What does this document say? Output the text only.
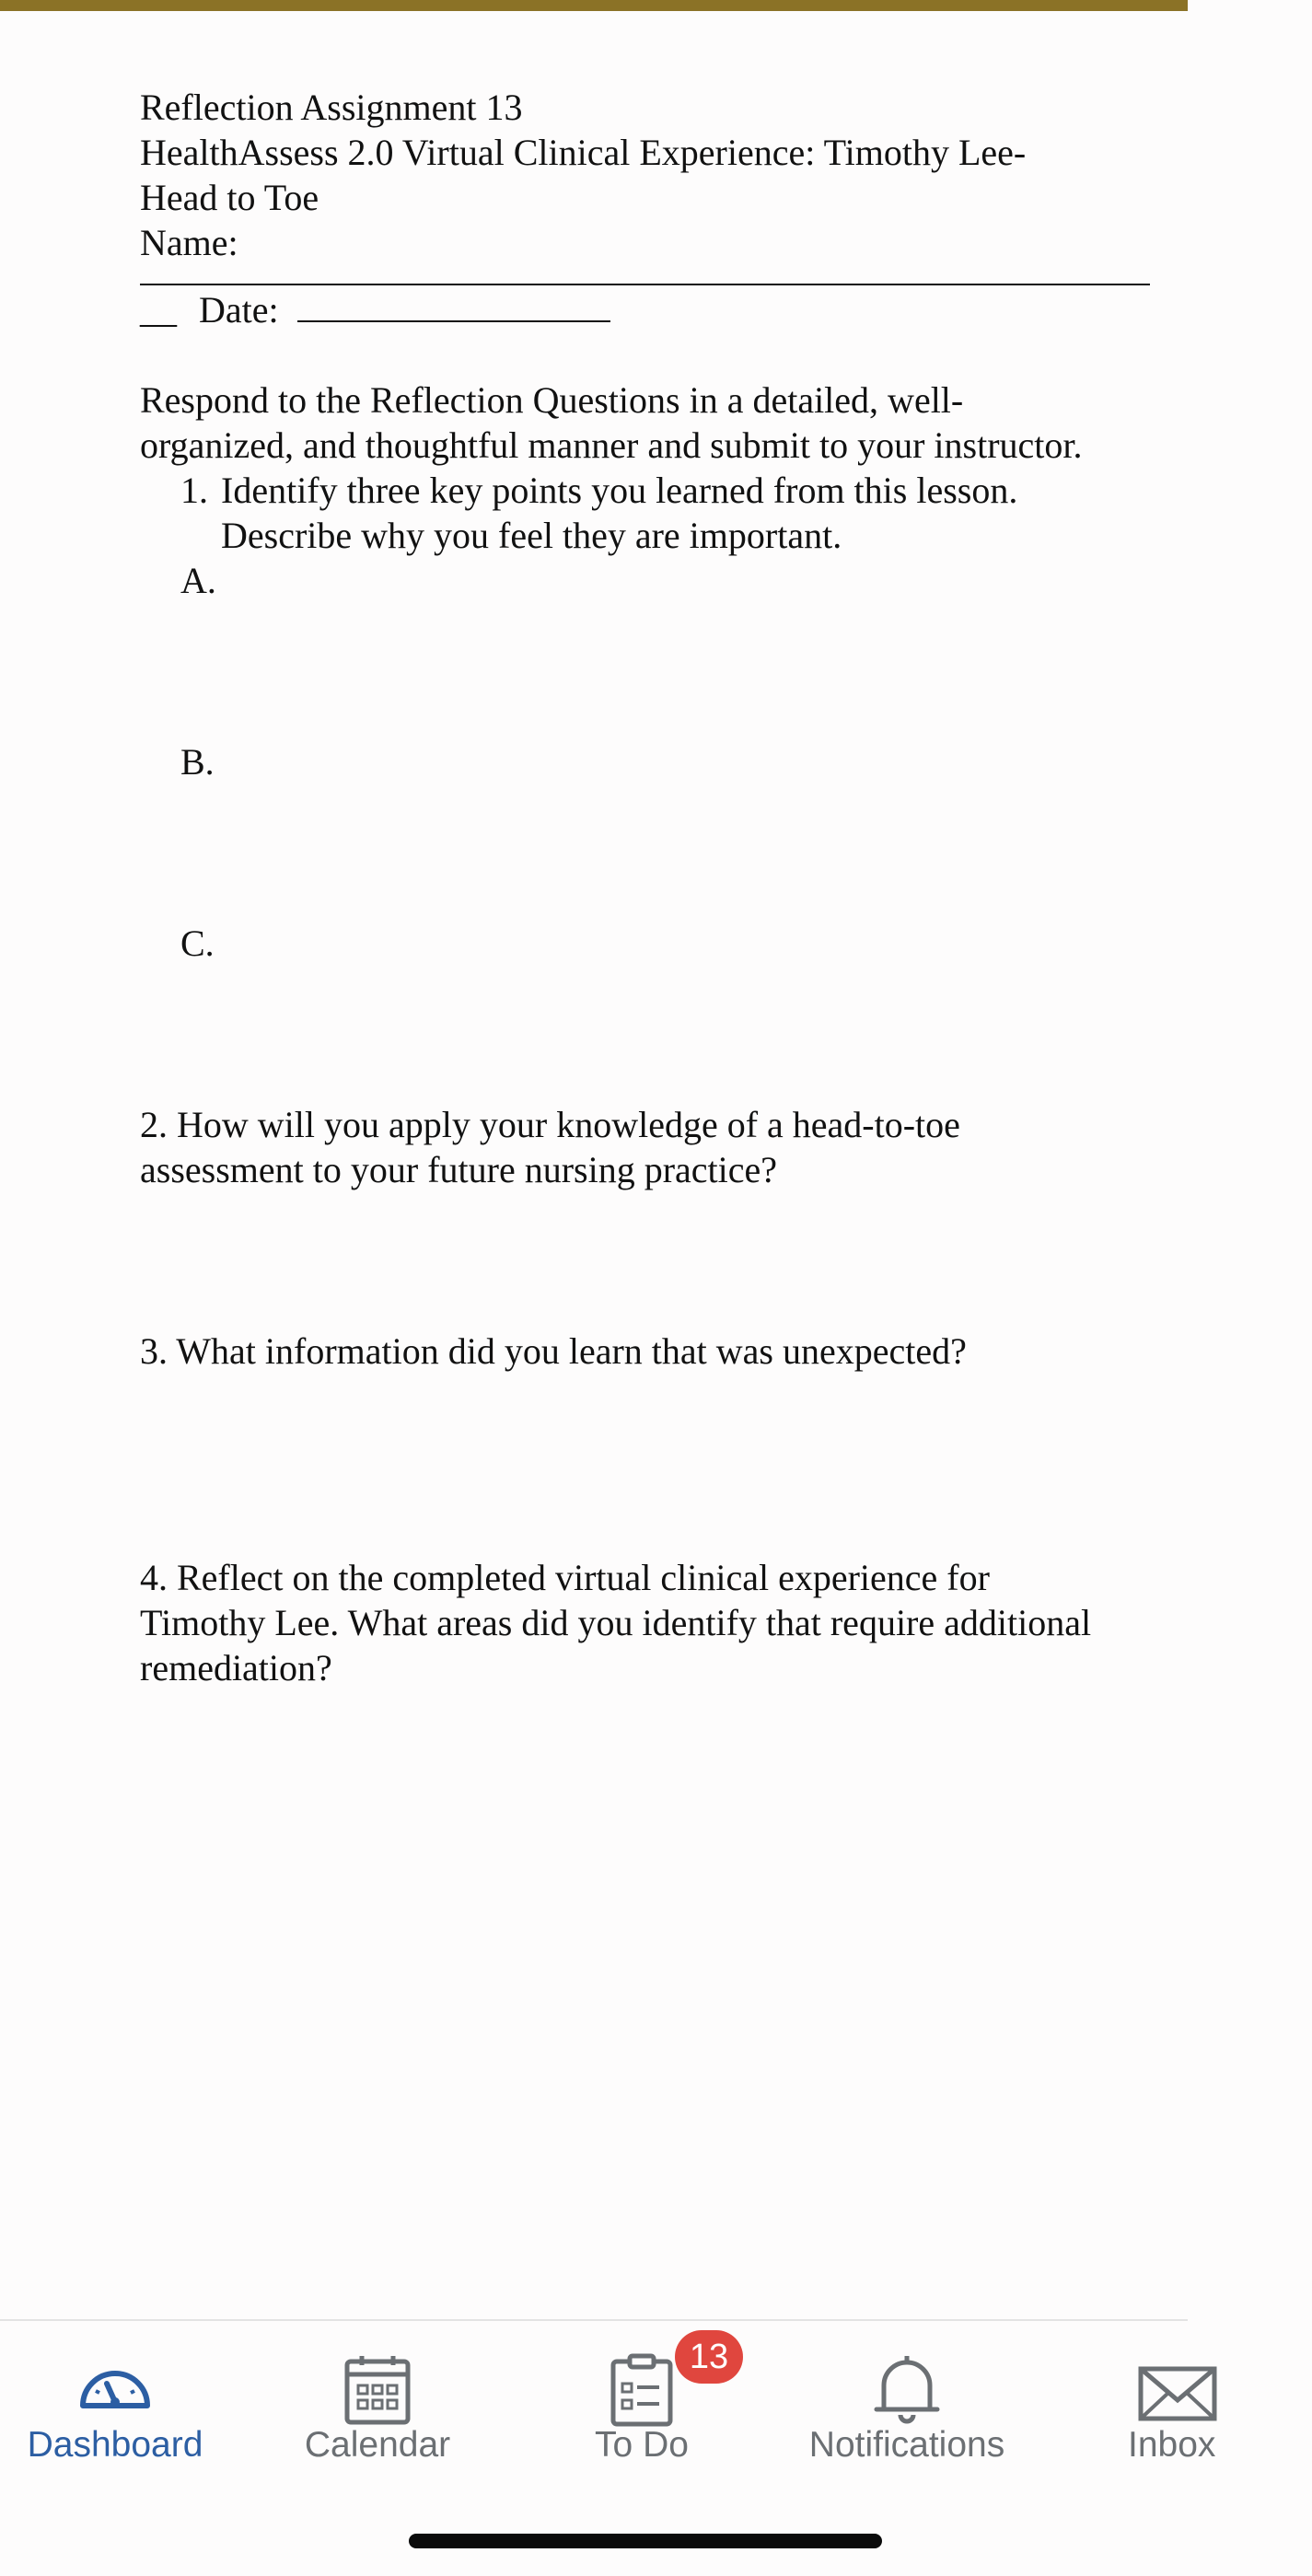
Reflection Assignment 13
HealthAssess 2.0 Virtual Clinical Experience: Timothy Lee-
Head to Toe
Name:
__ Date:
Respond to the Reflection Questions in a detailed, well-
organized, and thoughtful manner and submit to your instructor.
1. Identify three key points you learned from this lesson.
Describe why you feel they are important.
A.
B.
C.
2. How will you apply your knowledge of a head-to-toe
assessment to your future nursing practice?
3. What information did you learn that was unexpected?
4. Reflect on the completed virtual clinical experience for
Timothy Lee. What areas did you identify that require additional
remediation?
Dashboard	Calendar	To Do	Notifications	Inbox
13
